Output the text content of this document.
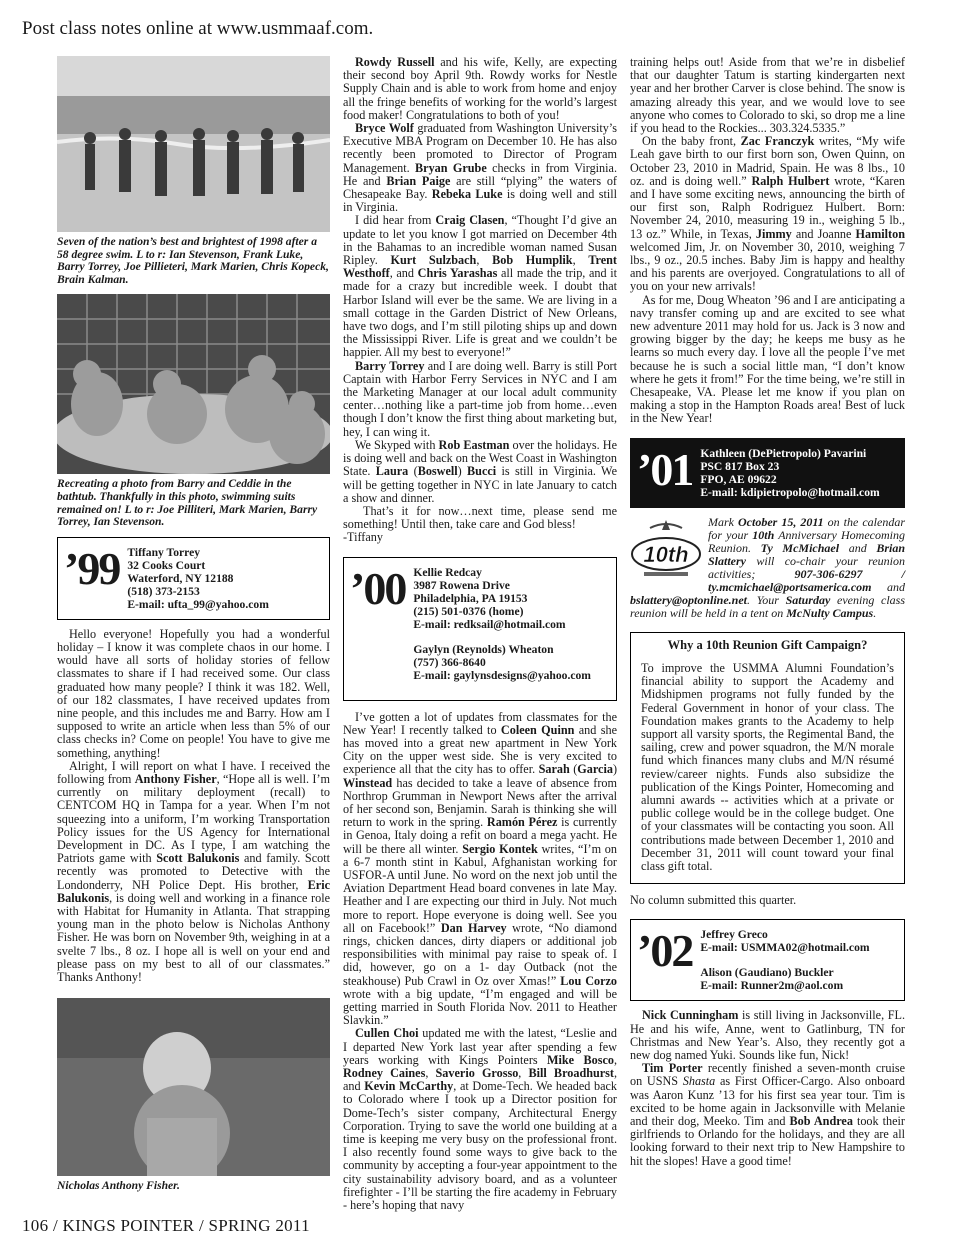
Post class notes online at www.usmmaaf.com.
Seven of the nation’s best and brightest of 1998 after a 58 degree swim. L to r: Ian Stevenson, Frank Luke, Barry Torrey, Joe Pillieteri, Mark Marien, Chris Kopeck, Brain Kalman.
Recreating a photo from Barry and Ceddie in the bathtub. Thankfully in this photo, swimming suits remained on! L to r: Joe Pilliteri, Mark Marien, Barry Torrey, Ian Stevenson.
’99 Tiffany Torrey
32 Cooks Court
Waterford, NY 12188
(518) 373-2153
E-mail: ufta_99@yahoo.com

Hello everyone! Hopefully you had a wonderful holiday – I know it was complete chaos in our home. I would have all sorts of holiday stories of fellow classmates to share if I had received some. Our class graduated how many people? I think it was 182. Well, of our 182 classmates, I have received updates from nine people, and this includes me and Barry. How am I supposed to write an article when less than 5% of our class checks in? Come on people! You have to give me something, anything!

Alright, I will report on what I have. I received the following from Anthony Fisher, “Hope all is well. I’m currently on military deployment (recall) to CENTCOM HQ in Tampa for a year. When I’m not squeezing into a uniform, I’m working Transportation Policy issues for the US Agency for International Development in DC. As I type, I am watching the Patriots game with Scott Balukonis and family. Scott recently was promoted to Detective with the Londonderry, NH Police Dept. His brother, Eric Balukonis, is doing well and working in a finance role with Habitat for Humanity in Atlanta. That strapping young man in the photo below is Nicholas Anthony Fisher. He was born on November 9th, weighing in at a svelte 7 lbs., 8 oz. I hope all is well on your end and please pass on my best to all of our classmates.” Thanks Anthony!

Nicholas Anthony Fisher.

Rowdy Russell and his wife, Kelly, are expecting their second boy April 9th. Rowdy works for Nestle Supply Chain and is able to work from home and enjoy all the fringe benefits of working for the world’s largest food maker! Congratulations to both of you!

Bryce Wolf graduated from Washington University’s Executive MBA Program on December 10. He has also recently been promoted to Director of Program Management. Bryan Grube checks in from Virginia. He and Brian Paige are still “plying” the waters of Chesapeake Bay. Rebeka Luke is doing well and still in Virginia.

I did hear from Craig Clasen, “Thought I’d give an update to let you know I got married on December 4th in the Bahamas to an incredible woman named Susan Ripley. Kurt Sulzbach, Bob Humplik, Trent Westhoff, and Chris Yarashas all made the trip, and it made for a crazy but incredible week. I doubt that Harbor Island will ever be the same. We are living in a small cottage in the Garden District of New Orleans, have two dogs, and I’m still piloting ships up and down the Mississippi River. Life is great and we couldn’t be happier. All my best to everyone!”

Barry Torrey and I are doing well. Barry is still Port Captain with Harbor Ferry Services in NYC and I am the Marketing Manager at our local adult community center…nothing like a part-time job from home…even though I don’t know the first thing about marketing but, hey, I can wing it.

We Skyped with Rob Eastman over the holidays. He is doing well and back on the West Coast in Washington State. Laura (Boswell) Bucci is still in Virginia. We will be getting together in NYC in late January to catch a show and dinner.

That’s it for now…next time, please send me something! Until then, take care and God bless!

-Tiffany

’00 Kellie Redcay
3987 Rowena Drive
Philadelphia, PA 19153
(215) 501-0376 (home)
E-mail: redksail@hotmail.com
Gaylyn (Reynolds) Wheaton
(757) 366-8640
E-mail: gaylynsdesigns@yahoo.com

I’ve gotten a lot of updates from classmates for the New Year! I recently talked to Coleen Quinn and she has moved into a great new apartment in New York City on the upper west side. She is very excited to experience all that the city has to offer. Sarah (Garcia) Winstead has decided to take a leave of absence from Northrop Grumman in Newport News after the arrival of her second son, Benjamin. Sarah is thinking she will return to work in the spring. Ramón Pérez is currently in Genoa, Italy doing a refit on board a mega yacht. He will be there all winter. Sergio Kontek writes, “I’m on a 6-7 month stint in Kabul, Afghanistan working for USFOR-A until June. No word on the next job until the Aviation Department Head board convenes in late May. Heather and I are expecting our third in July. Not much more to report. Hope everyone is doing well. See you all on Facebook!” Dan Harvey wrote, “No diamond rings, chicken dances, dirty diapers or additional job responsibilities with minimal pay raise to speak of. I did, however, go on a 1- day Outback (not the steakhouse) Pub Crawl in Oz over Xmas!” Lou Corzo wrote with a big update, “I’m engaged and will be getting married in South Florida Nov. 2011 to Heather Slavkin.”

Cullen Choi updated me with the latest, “Leslie and I departed New York last year after spending a few years working with Kings Pointers Mike Bosco, Rodney Caines, Saverio Grosso, Bill Broadhurst, and Kevin McCarthy, at Dome-Tech. We headed back to Colorado where I took up a Director position for Dome-Tech’s sister company, Architectural Energy Corporation. Trying to save the world one building at a time is keeping me very busy on the professional front. I also recently found some ways to give back to the community by accepting a four-year appointment to the city sustainability advisory board, and as a volunteer firefighter - I’ll be starting the fire academy in February - here’s hoping that navy

training helps out! Aside from that we’re in disbelief that our daughter Tatum is starting kindergarten next year and her brother Carver is close behind. The snow is amazing already this year, and we would love to see anyone who comes to Colorado to ski, so drop me a line if you head to the Rockies... 303.324.5335.”

On the baby front, Zac Franczyk writes, “My wife Leah gave birth to our first born son, Owen Quinn, on October 23, 2010 in Madrid, Spain. He was 8 lbs., 10 oz. and is doing well.” Ralph Hulbert wrote, “Karen and I have some exciting news, announcing the birth of our first son, Ralph Rodriguez Hulbert. Born: November 24, 2010, measuring 19 in., weighing 5 lb., 13 oz.” While, in Texas, Jimmy and Joanne Hamilton welcomed Jim, Jr. on November 30, 2010, weighing 7 lbs., 9 oz., 20.5 inches. Baby Jim is happy and healthy and his parents are overjoyed. Congratulations to all of you on your new arrivals!

As for me, Doug Wheaton ’96 and I are anticipating a navy transfer coming up and are excited to see what new adventure 2011 may hold for us. Jack is 3 now and growing bigger by the day; he keeps me busy as he learns so much every day. I love all the people I’ve met because he is such a social little man, “I don’t know where he gets it from!” For the time being, we’re still in Chesapeake, VA. Please let me know if you plan on making a stop in the Hampton Roads area! Best of luck in the New Year!

’01 Kathleen (DePietropolo) Pavarini
PSC 817 Box 23
FPO, AE 09622
E-mail: kdipietropolo@hotmail.com
10th
Mark October 15, 2011 on the calendar for your 10th Anniversary Homecoming Reunion. Ty McMichael and Brian Slattery will co-chair your reunion activities; 907-306-6297 / ty.mcmichael@portsamerica.com and bslattery@optonline.net. Your Saturday evening class reunion will be held in a tent on McNulty Campus.
Why a 10th Reunion Gift Campaign?

To improve the USMMA Alumni Foundation’s financial ability to support the Academy and Midshipmen programs not fully funded by the Federal Government in honor of your class. The Foundation makes grants to the Academy to help support all varsity sports, the Regimental Band, the sailing, crew and power squadron, the M/N morale fund which finances many clubs and M/N résumé review/career nights. Funds also subsidize the publication of the Kings Pointer, Homecoming and alumni awards -- activities which at a private or public college would be in the college budget. One of your classmates will be contacting you soon. All contributions made between December 1, 2010 and December 31, 2011 will count toward your final class gift total.

No column submitted this quarter.

’02 Jeffrey Greco
E-mail: USMMA02@hotmail.com
Alison (Gaudiano) Buckler
E-mail: Runner2m@aol.com

Nick Cunningham is still living in Jacksonville, FL. He and his wife, Anne, went to Gatlinburg, TN for Christmas and New Year’s. Also, they recently got a new dog named Yuki. Sounds like fun, Nick!

Tim Porter recently finished a seven-month cruise on USNS Shasta as First Officer-Cargo. Also onboard was Aaron Kunz ’13 for his first sea year tour. Tim is excited to be home again in Jacksonville with Melanie and their dog, Meeko. Tim and Bob Andrea took their girlfriends to Orlando for the holidays, and they are all looking forward to their next trip to New Hampshire to hit the slopes! Have a good time!

106 / KINGS POINTER / SPRING 2011
